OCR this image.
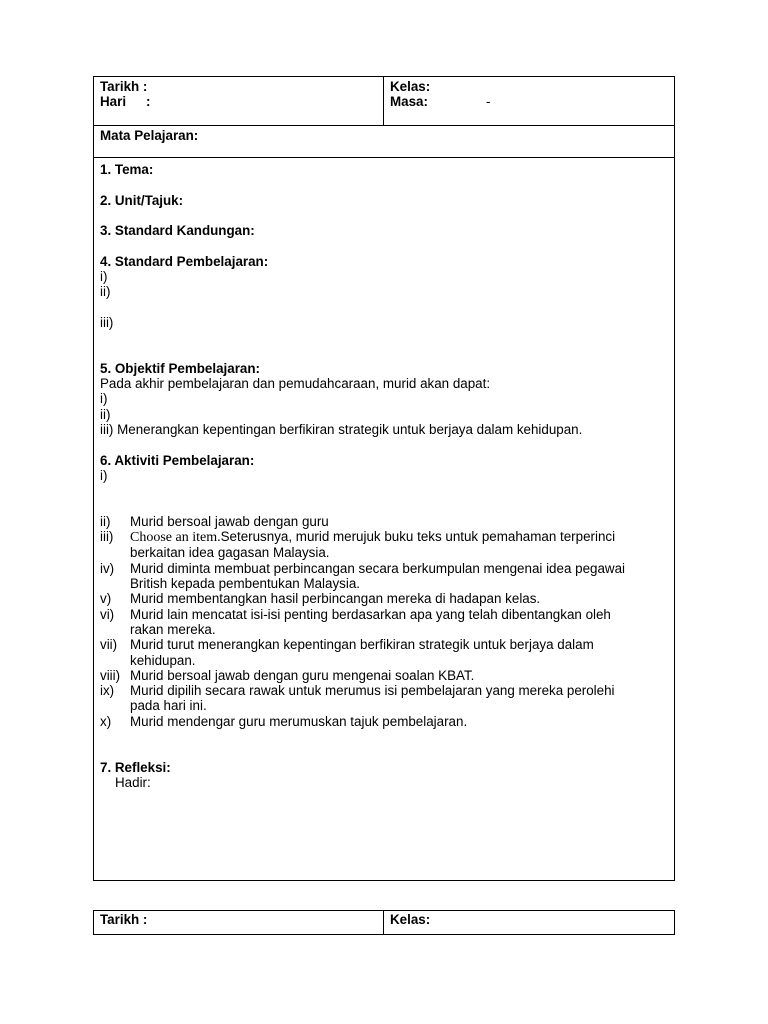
Tarikh :
Hari :
Kelas:
Masa:	-
Mata Pelajaran:
1. Tema:
2. Unit/Tajuk:
3. Standard Kandungan:
4. Standard Pembelajaran:
i)
ii)
iii)
5. Objektif Pembelajaran:
Pada akhir pembelajaran dan pemudahcaraan, murid akan dapat:
i)
ii)
iii) Menerangkan kepentingan berfikiran strategik untuk berjaya dalam kehidupan.
6. Aktiviti Pembelajaran:
i)
ii)	Murid bersoal jawab dengan guru
iii)	Choose an item.Seterusnya, murid merujuk buku teks untuk pemahaman terperinci berkaitan idea gagasan Malaysia.
iv)	Murid diminta membuat perbincangan secara berkumpulan mengenai idea pegawai British kepada pembentukan Malaysia.
v)	Murid membentangkan hasil perbincangan mereka di hadapan kelas.
vi)	Murid lain mencatat isi-isi penting berdasarkan apa yang telah dibentangkan oleh rakan mereka.
vii) Murid turut menerangkan kepentingan berfikiran strategik untuk berjaya dalam kehidupan.
viii) Murid bersoal jawab dengan guru mengenai soalan KBAT.
ix)	Murid dipilih secara rawak untuk merumus isi pembelajaran yang mereka perolehi pada hari ini.
x)	Murid mendengar guru merumuskan tajuk pembelajaran.
7. Refleksi:
Hadir:
Tarikh :	Kelas:
